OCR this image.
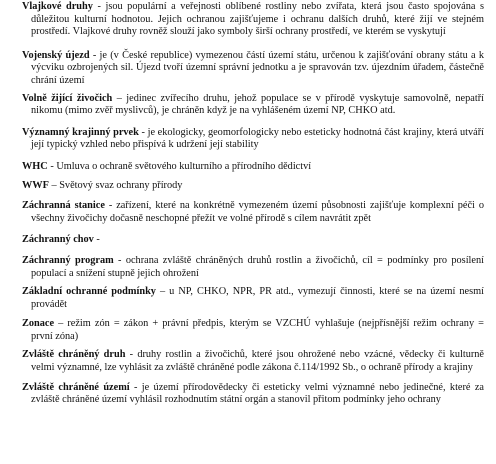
Vlajkové druhy - jsou populární a veřejnosti oblíbené rostliny nebo zvířata, která jsou často spojována s důležitou kulturní hodnotou. Jejich ochranou zajišťujeme i ochranu dalších druhů, které žijí ve stejném prostředí. Vlajkové druhy rovněž slouží jako symboly širší ochrany prostředí, ve kterém se vyskytují

Vojenský újezd - je (v České republice) vymezenou částí území státu, určenou k zajišťování obrany státu a k výcviku ozbrojených sil. Újezd tvoří územní správní jednotku a je spravován tzv. újezdním úřadem, částečně chrání území

Volně žijící živočich – jedinec zvířecího druhu, jehož populace se v přírodě vyskytuje samovolně, nepatří nikomu (mimo zvěř myslivců), je chráněn když je na vyhlášeném území NP, CHKO atd.

Významný krajinný prvek - je ekologicky, geomorfologicky nebo esteticky hodnotná část krajiny, která utváří její typický vzhled nebo přispívá k udržení její stability

WHC - Umluva o ochraně světového kulturního a přírodního dědictví

WWF – Světový svaz ochrany přírody

Záchranná stanice - zařízení, které na konkrétně vymezeném území působnosti zajišťuje komplexní péči o všechny živočichy dočasně neschopné přežít ve volné přírodě s cílem navrátit zpět

Záchranný chov -

Záchranný program - ochrana zvláště chráněných druhů rostlin a živočichů, cíl = podmínky pro posílení populací a snížení stupně jejich ohrožení

Základní ochranné podmínky – u NP, CHKO, NPR, PR atd., vymezují činnosti, které se na území nesmí provádět

Zonace – režim zón = zákon + právní předpis, kterým se VZCHÚ vyhlašuje (nejpřísnější režim ochrany = první zóna)

Zvláště chráněný druh - druhy rostlin a živočichů, které jsou ohrožené nebo vzácné, vědecky či kulturně velmi významné, lze vyhlásit za zvláště chráněné podle zákona č.114/1992 Sb., o ochraně přírody a krajiny

Zvláště chráněné území - je území přírodovědecky či esteticky velmi významné nebo jedinečné, které za zvláště chráněné území vyhlásil rozhodnutím státní orgán a stanovil přitom podmínky jeho ochrany
